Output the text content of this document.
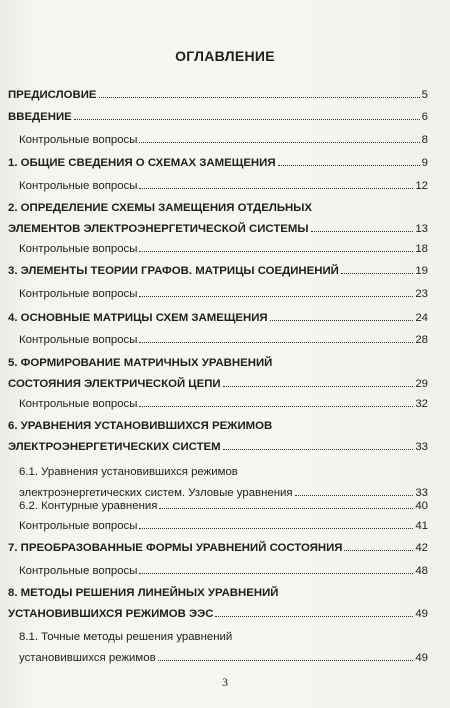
ОГЛАВЛЕНИЕ
ПРЕДИСЛОВИЕ	5
ВВЕДЕНИЕ	6
Контрольные вопросы	8
1. ОБЩИЕ СВЕДЕНИЯ О СХЕМАХ ЗАМЕЩЕНИЯ	9
Контрольные вопросы	12
2. ОПРЕДЕЛЕНИЕ СХЕМЫ ЗАМЕЩЕНИЯ ОТДЕЛЬНЫХ
ЭЛЕМЕНТОВ ЭЛЕКТРОЭНЕРГЕТИЧЕСКОЙ СИСТЕМЫ	13
Контрольные вопросы	18
3. ЭЛЕМЕНТЫ ТЕОРИИ ГРАФОВ. МАТРИЦЫ СОЕДИНЕНИЙ	19
Контрольные вопросы	23
4. ОСНОВНЫЕ МАТРИЦЫ СХЕМ ЗАМЕЩЕНИЯ	24
Контрольные вопросы	28
5. ФОРМИРОВАНИЕ МАТРИЧНЫХ УРАВНЕНИЙ
СОСТОЯНИЯ ЭЛЕКТРИЧЕСКОЙ ЦЕПИ	29
Контрольные вопросы	32
6. УРАВНЕНИЯ УСТАНОВИВШИХСЯ РЕЖИМОВ
ЭЛЕКТРОЭНЕРГЕТИЧЕСКИХ СИСТЕМ	33
6.1. Уравнения установившихся режимов
электроэнергетических систем. Узловые уравнения	33
6.2. Контурные уравнения	40
Контрольные вопросы	41
7. ПРЕОБРАЗОВАННЫЕ ФОРМЫ УРАВНЕНИЙ СОСТОЯНИЯ	42
Контрольные вопросы	48
8. МЕТОДЫ РЕШЕНИЯ ЛИНЕЙНЫХ УРАВНЕНИЙ
УСТАНОВИВШИХСЯ РЕЖИМОВ ЭЭС	49
8.1. Точные методы решения уравнений
установившихся режимов	49
3
